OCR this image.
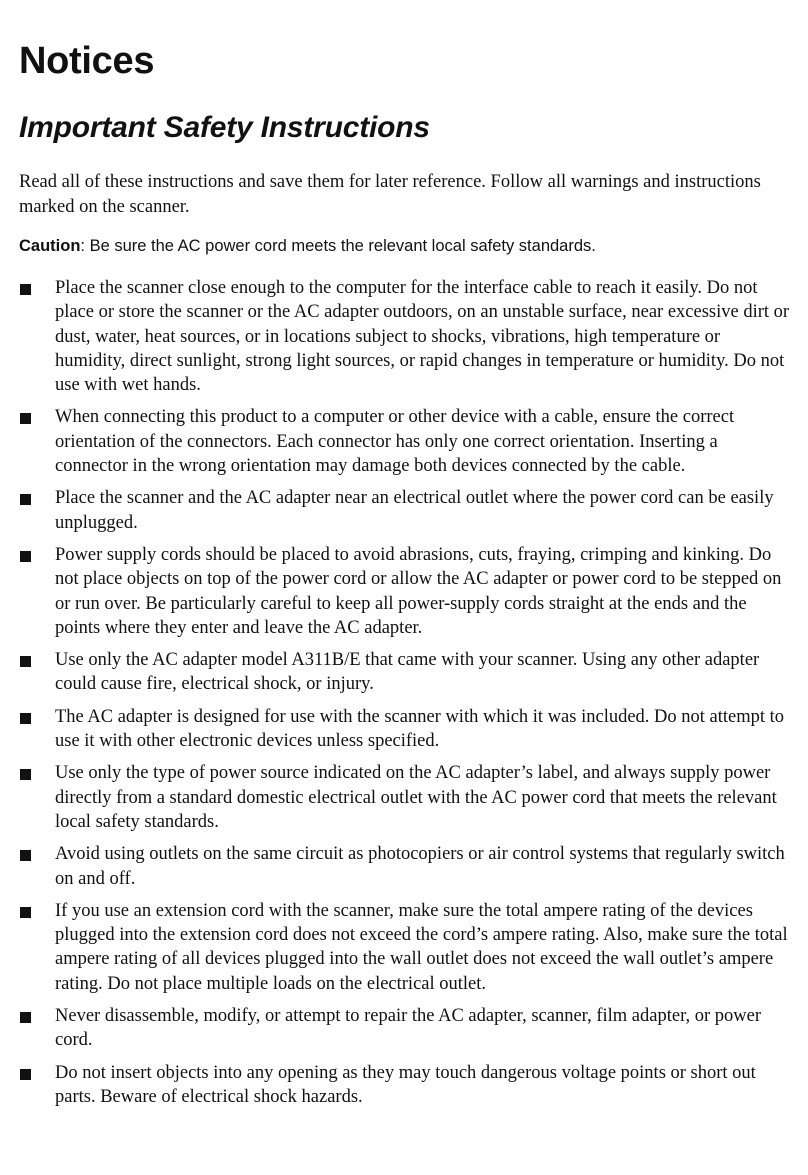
Notices
Important Safety Instructions

Read all of these instructions and save them for later reference. Follow all warnings and instructions marked on the scanner.

Caution: Be sure the AC power cord meets the relevant local safety standards.

Place the scanner close enough to the computer for the interface cable to reach it easily. Do not place or store the scanner or the AC adapter outdoors, on an unstable surface, near excessive dirt or dust, water, heat sources, or in locations subject to shocks, vibrations, high temperature or humidity, direct sunlight, strong light sources, or rapid changes in temperature or humidity. Do not use with wet hands.
When connecting this product to a computer or other device with a cable, ensure the correct orientation of the connectors. Each connector has only one correct orientation. Inserting a connector in the wrong orientation may damage both devices connected by the cable.
Place the scanner and the AC adapter near an electrical outlet where the power cord can be easily unplugged.
Power supply cords should be placed to avoid abrasions, cuts, fraying, crimping and kinking. Do not place objects on top of the power cord or allow the AC adapter or power cord to be stepped on or run over. Be particularly careful to keep all power-supply cords straight at the ends and the points where they enter and leave the AC adapter.
Use only the AC adapter model A311B/E that came with your scanner. Using any other adapter could cause fire, electrical shock, or injury.
The AC adapter is designed for use with the scanner with which it was included. Do not attempt to use it with other electronic devices unless specified.
Use only the type of power source indicated on the AC adapter’s label, and always supply power directly from a standard domestic electrical outlet with the AC power cord that meets the relevant local safety standards.
Avoid using outlets on the same circuit as photocopiers or air control systems that regularly switch on and off.
If you use an extension cord with the scanner, make sure the total ampere rating of the devices plugged into the extension cord does not exceed the cord’s ampere rating. Also, make sure the total ampere rating of all devices plugged into the wall outlet does not exceed the wall outlet’s ampere rating. Do not place multiple loads on the electrical outlet.
Never disassemble, modify, or attempt to repair the AC adapter, scanner, film adapter, or power cord.
Do not insert objects into any opening as they may touch dangerous voltage points or short out parts. Beware of electrical shock hazards.
